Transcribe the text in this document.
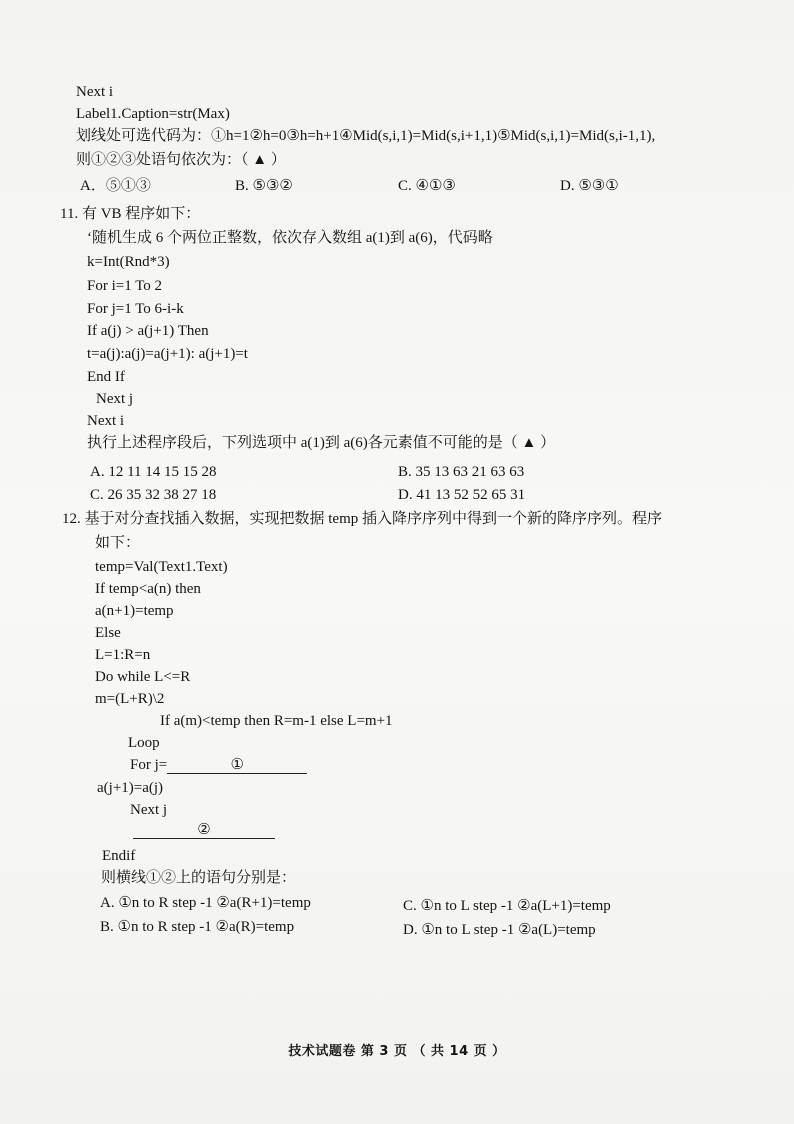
Next i
Label1.Caption=str(Max)
划线处可选代码为：①h=1②h=0③h=h+1④Mid(s,i,1)=Mid(s,i+1,1)⑤Mid(s,i,1)=Mid(s,i-1,1),
则①②③处语句依次为：（ ▲ ）
A．⑤①③	B. ⑤③②	C. ④①③	D. ⑤③①
11. 有 VB 程序如下：
‘随机生成 6 个两位正整数，依次存入数组 a(1)到 a(6)，代码略
k=Int(Rnd*3)
For i=1 To 2
For j=1 To 6-i-k
If a(j) > a(j+1) Then
t=a(j):a(j)=a(j+1): a(j+1)=t
End If
Next j
Next i
执行上述程序段后，下列选项中 a(1)到 a(6)各元素值不可能的是（ ▲ ）
A. 12 11 14 15 15 28	B. 35 13 63 21 63 63
C. 26 35 32 38 27 18	D. 41 13 52 52 65 31
12. 基于对分查找插入数据，实现把数据 temp 插入降序序列中得到一个新的降序序列。程序
如下：
temp=Val(Text1.Text)
If temp<a(n) then
a(n+1)=temp
Else
L=1:R=n
Do while L<=R
m=(L+R)\2
If a(m)<temp then R=m-1 else L=m+1
Loop
For j=	①
a(j+1)=a(j)
Next j
②
Endif
则横线①②上的语句分别是：
A. ①n to R step -1 ②a(R+1)=temp	C. ①n to L step -1 ②a(L+1)=temp
B. ①n to R step -1 ②a(R)=temp	D. ①n to L step -1 ②a(L)=temp
技术试题卷 第 3 页 （ 共 14 页 ）
